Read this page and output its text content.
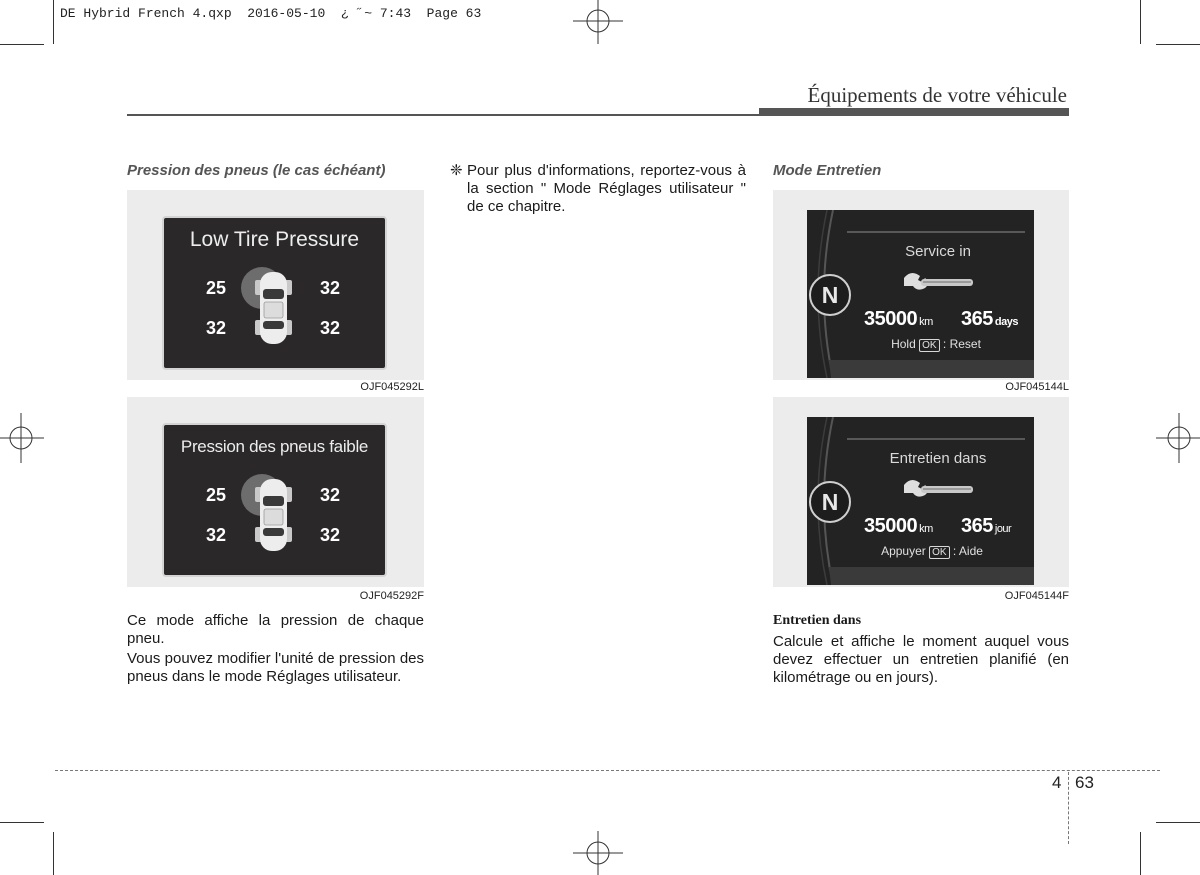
DE Hybrid French 4.qxp  2016-05-10  ¿ ˝~ 7:43  Page 63
Équipements de votre véhicule
Pression des pneus (le cas échéant)
Low Tire Pressure
25	32
32	32
OJF045292L
Pression des pneus faible
25	32
32	32
OJF045292F
Ce mode affiche la pression de chaque pneu.
Vous pouvez modifier l'unité de pression des pneus dans le mode Réglages utilisateur.
❈ Pour plus d'informations, reportez-vous à la section " Mode Réglages utilisateur " de ce chapitre.
Mode Entretien
N
Service in
35000 km 365 days
Hold OK : Reset
OJF045144L
N
Entretien dans
35000 km 365 jour
Appuyer OK : Aide
OJF045144F
Entretien dans
Calcule et affiche le moment auquel vous devez effectuer un entretien planifié (en kilométrage ou en jours).
4 63
